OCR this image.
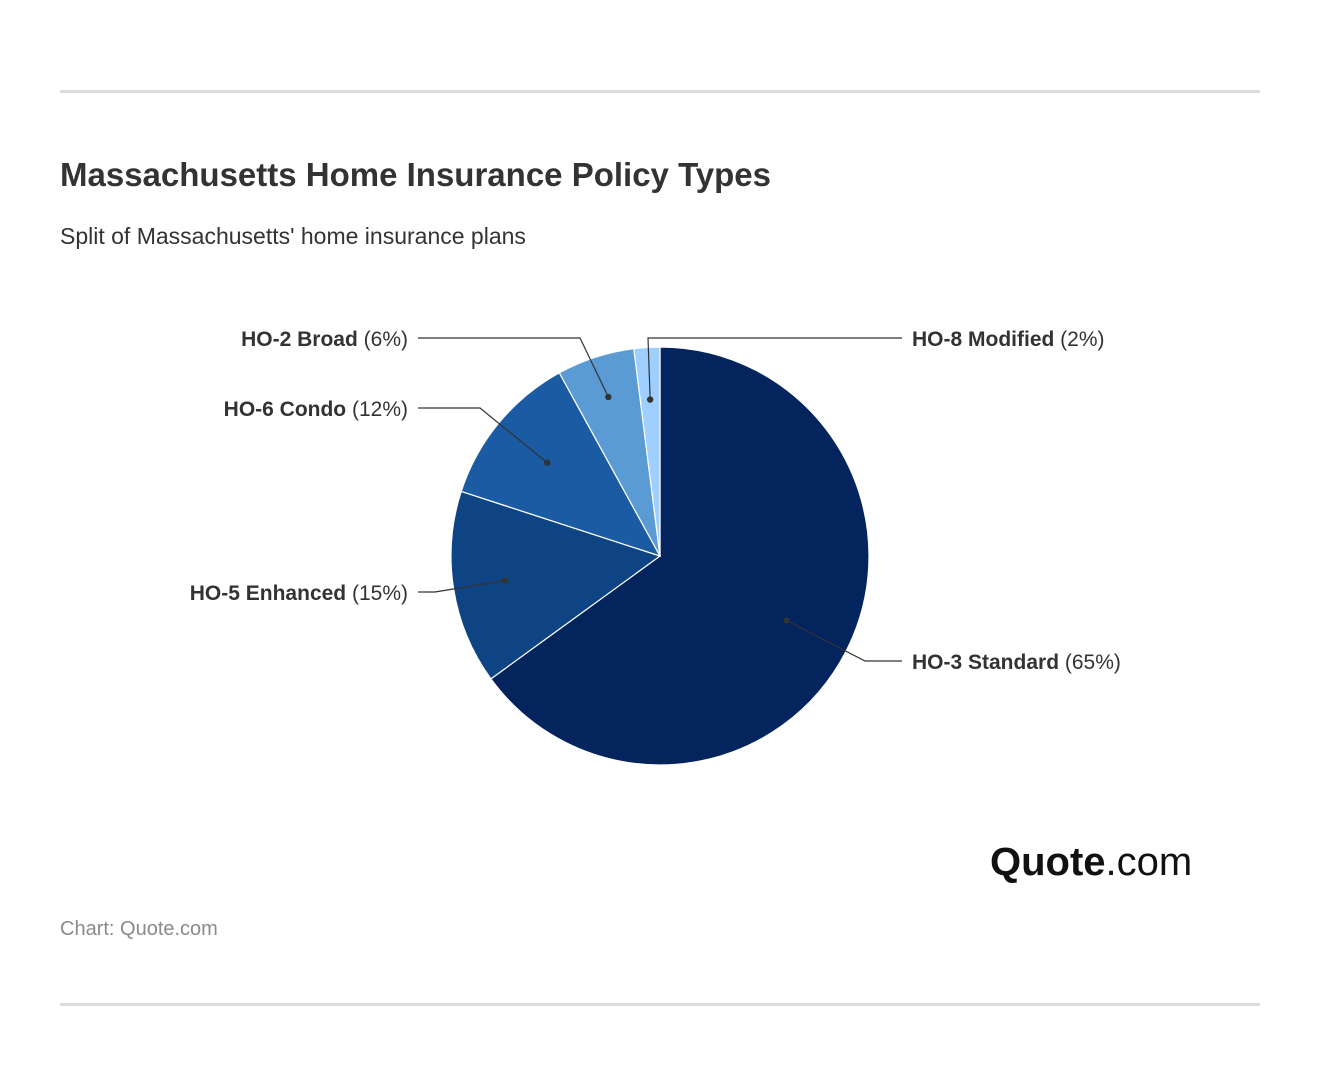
Massachusetts Home Insurance Policy Types
Split of Massachusetts' home insurance plans
HO-3 Standard (65%)
HO-5 Enhanced (15%)
HO-6 Condo (12%)
HO-2 Broad (6%)	HO-8 Modified (2%)
Quote.com
Chart: Quote.com
